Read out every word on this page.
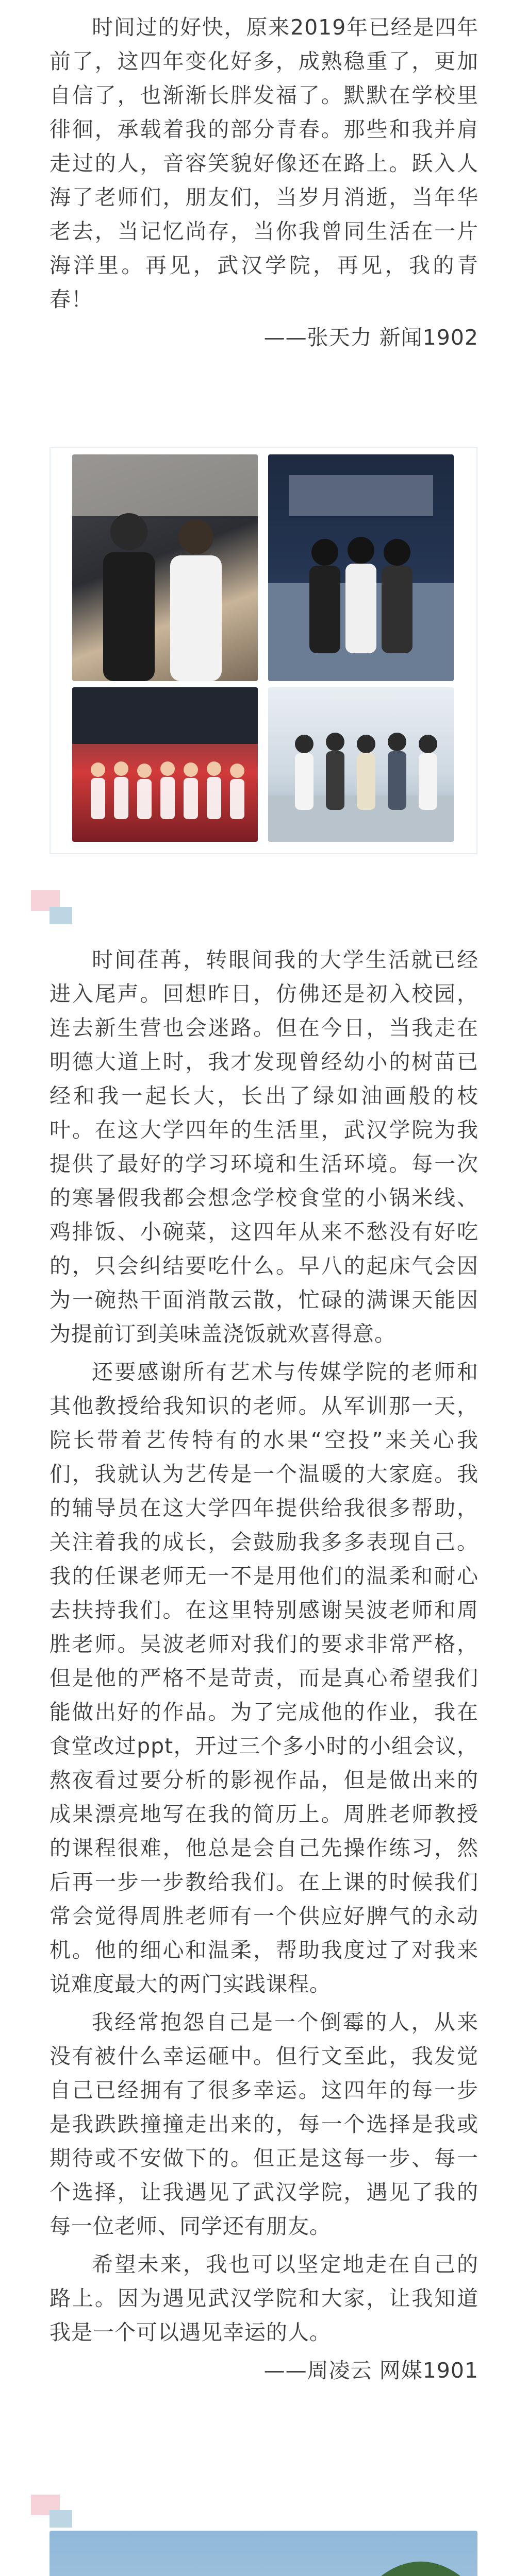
时间过的好快，原来2019年已经是四年前了，这四年变化好多，成熟稳重了，更加自信了，也渐渐长胖发福了。默默在学校里徘徊，承载着我的部分青春。那些和我并肩走过的人，音容笑貌好像还在路上。跃入人海了老师们，朋友们，当岁月消逝，当年华老去，当记忆尚存，当你我曾同生活在一片海洋里。再见，武汉学院，再见，我的青春！

——张天力 新闻1902

时间荏苒，转眼间我的大学生活就已经进入尾声。回想昨日，仿佛还是初入校园，连去新生营也会迷路。但在今日，当我走在明德大道上时，我才发现曾经幼小的树苗已经和我一起长大，长出了绿如油画般的枝叶。在这大学四年的生活里，武汉学院为我提供了最好的学习环境和生活环境。每一次的寒暑假我都会想念学校食堂的小锅米线、鸡排饭、小碗菜，这四年从来不愁没有好吃的，只会纠结要吃什么。早八的起床气会因为一碗热干面消散云散，忙碌的满课天能因为提前订到美味盖浇饭就欢喜得意。

还要感谢所有艺术与传媒学院的老师和其他教授给我知识的老师。从军训那一天，院长带着艺传特有的水果“空投”来关心我们，我就认为艺传是一个温暖的大家庭。我的辅导员在这大学四年提供给我很多帮助，关注着我的成长，会鼓励我多多表现自己。我的任课老师无一不是用他们的温柔和耐心去扶持我们。在这里特别感谢吴波老师和周胜老师。吴波老师对我们的要求非常严格，但是他的严格不是苛责，而是真心希望我们能做出好的作品。为了完成他的作业，我在食堂改过ppt，开过三个多小时的小组会议，熬夜看过要分析的影视作品，但是做出来的成果漂亮地写在我的简历上。周胜老师教授的课程很难，他总是会自己先操作练习，然后再一步一步教给我们。在上课的时候我们常会觉得周胜老师有一个供应好脾气的永动机。他的细心和温柔，帮助我度过了对我来说难度最大的两门实践课程。

我经常抱怨自己是一个倒霉的人，从来没有被什么幸运砸中。但行文至此，我发觉自己已经拥有了很多幸运。这四年的每一步是我跌跌撞撞走出来的，每一个选择是我或期待或不安做下的。但正是这每一步、每一个选择，让我遇见了武汉学院，遇见了我的每一位老师、同学还有朋友。

希望未来，我也可以坚定地走在自己的路上。因为遇见武汉学院和大家，让我知道我是一个可以遇见幸运的人。

——周凌云 网媒1901
